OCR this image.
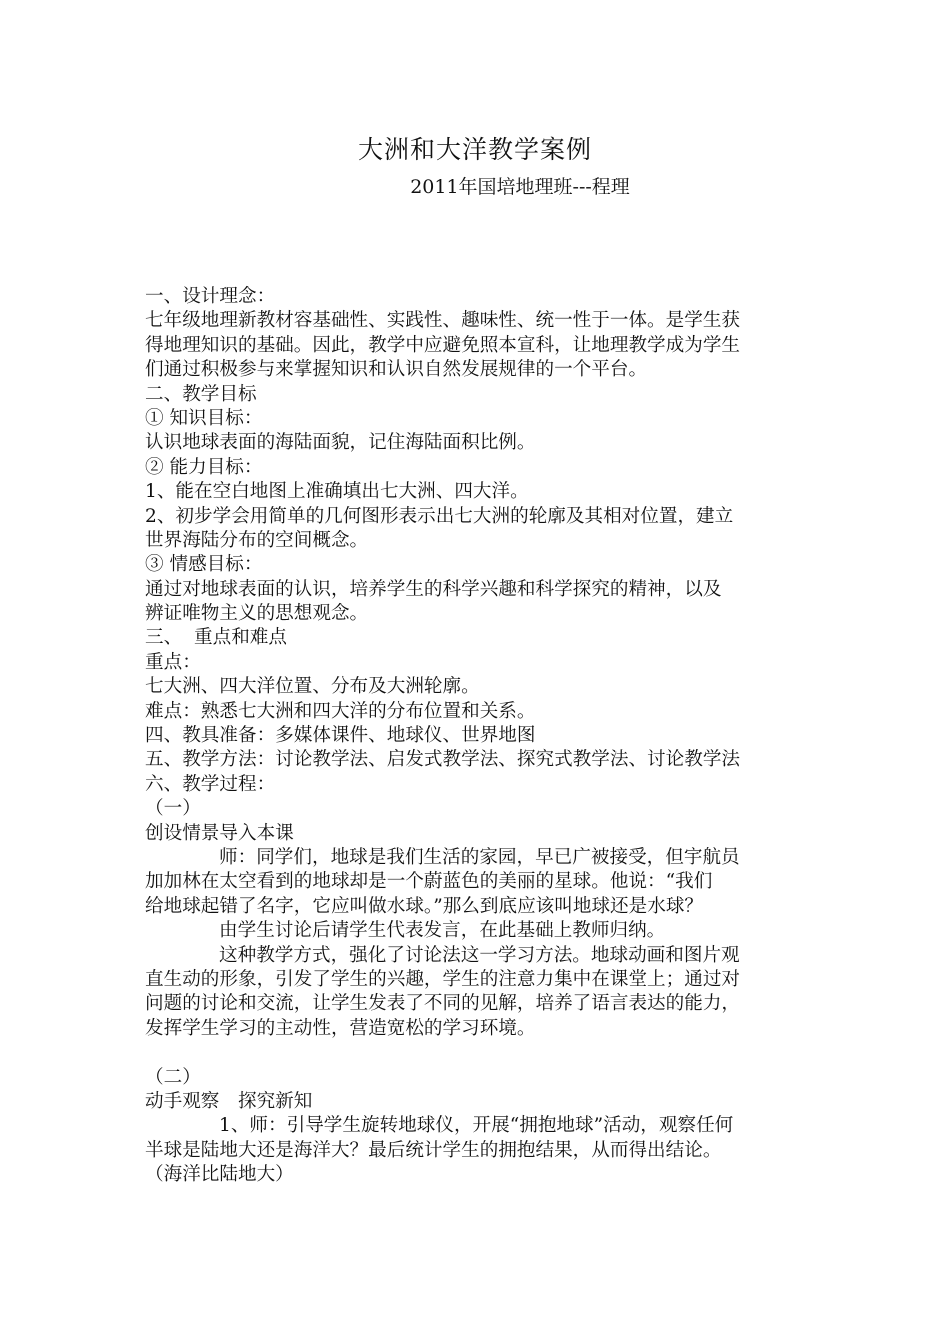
大洲和大洋教学案例
2011年国培地理班---程理
一、设计理念：
七年级地理新教材容基础性、实践性、趣味性、统一性于一体。是学生获
得地理知识的基础。因此，教学中应避免照本宣科，让地理教学成为学生
们通过积极参与来掌握知识和认识自然发展规律的一个平台。
二、教学目标
① 知识目标：
认识地球表面的海陆面貌，记住海陆面积比例。
② 能力目标：
1、能在空白地图上准确填出七大洲、四大洋。
2、初步学会用简单的几何图形表示出七大洲的轮廓及其相对位置，建立
世界海陆分布的空间概念。
③ 情感目标：
通过对地球表面的认识，培养学生的科学兴趣和科学探究的精神，以及
辨证唯物主义的思想观念。
三、  重点和难点
重点：
七大洲、四大洋位置、分布及大洲轮廓。
难点：熟悉七大洲和四大洋的分布位置和关系。
四、教具准备：多媒体课件、地球仪、世界地图
五、教学方法：讨论教学法、启发式教学法、探究式教学法、讨论教学法
六、教学过程：
（一）
创设情景导入本课
师：同学们，地球是我们生活的家园，早已广被接受，但宇航员
加加林在太空看到的地球却是一个蔚蓝色的美丽的星球。他说：“我们
给地球起错了名字，它应叫做水球。”那么到底应该叫地球还是水球？
由学生讨论后请学生代表发言，在此基础上教师归纳。
这种教学方式，强化了讨论法这一学习方法。地球动画和图片观
直生动的形象，引发了学生的兴趣，学生的注意力集中在课堂上；通过对
问题的讨论和交流，让学生发表了不同的见解，培养了语言表达的能力，
发挥学生学习的主动性，营造宽松的学习环境。
（二）
动手观察　探究新知
1、师：引导学生旋转地球仪，开展“拥抱地球”活动，观察任何
半球是陆地大还是海洋大？最后统计学生的拥抱结果，从而得出结论。
（海洋比陆地大）
